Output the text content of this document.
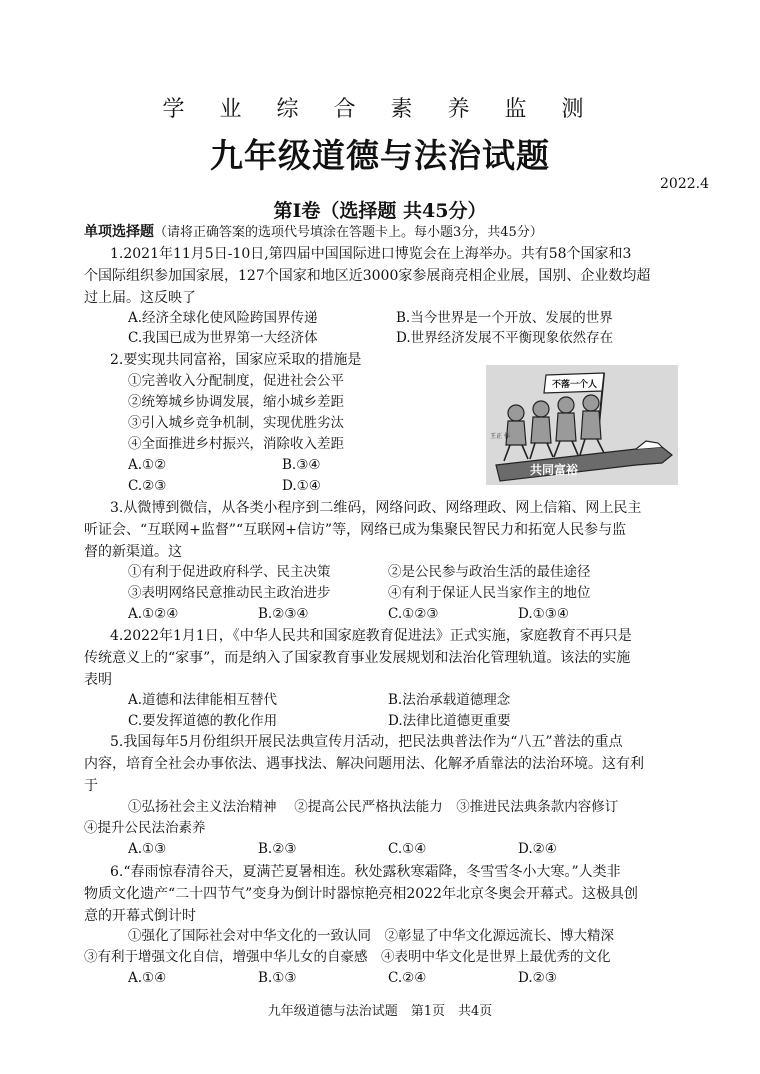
学 业 综 合 素 养 监 测
九年级道德与法治试题
2022.4
第Ⅰ卷（选择题 共45分）
单项选择题（请将正确答案的选项代号填涂在答题卡上。每小题3分，共45分）
1.2021年11月5日-10日,第四届中国国际进口博览会在上海举办。共有58个国家和3
个国际组织参加国家展，127个国家和地区近3000家参展商亮相企业展，国别、企业数均超
过上届。这反映了
A.经济全球化使风险跨国界传递	B.当今世界是一个开放、发展的世界
C.我国已成为世界第一大经济体	D.世界经济发展不平衡现象依然存在
2.要实现共同富裕，国家应采取的措施是
①完善收入分配制度，促进社会公平
②统筹城乡协调发展，缩小城乡差距
③引入城乡竞争机制，实现优胜劣汰
④全面推进乡村振兴，消除收入差距
A.①②	B.③④
C.②③	D.①④
不落一个人
共同富裕
王正 作
3.从微博到微信，从各类小程序到二维码，网络问政、网络理政、网上信箱、网上民主
听证会、“互联网+监督”“互联网+信访”等，网络已成为集聚民智民力和拓宽人民参与监
督的新渠道。这
①有利于促进政府科学、民主决策	②是公民参与政治生活的最佳途径
③表明网络民意推动民主政治进步	④有利于保证人民当家作主的地位
A.①②④	B.②③④	C.①②③	D.①③④
4.2022年1月1日，《中华人民共和国家庭教育促进法》正式实施，家庭教育不再只是
传统意义上的“家事”，而是纳入了国家教育事业发展规划和法治化管理轨道。该法的实施
表明
A.道德和法律能相互替代	B.法治承载道德理念
C.要发挥道德的教化作用	D.法律比道德更重要
5.我国每年5月份组织开展民法典宣传月活动，把民法典普法作为“八五”普法的重点
内容，培育全社会办事依法、遇事找法、解决问题用法、化解矛盾靠法的法治环境。这有利
于
①弘扬社会主义法治精神　 ②提高公民严格执法能力　③推进民法典条款内容修订
④提升公民法治素养
A.①③	B.②③	C.①④	D.②④
6.“春雨惊春清谷天，夏满芒夏暑相连。秋处露秋寒霜降，冬雪雪冬小大寒。”人类非
物质文化遗产“二十四节气”变身为倒计时器惊艳亮相2022年北京冬奥会开幕式。这极具创
意的开幕式倒计时
①强化了国际社会对中华文化的一致认同　②彰显了中华文化源远流长、博大精深
③有利于增强文化自信，增强中华儿女的自豪感　④表明中华文化是世界上最优秀的文化
A.①④	B.①③	C.②④	D.②③
九年级道德与法治试题　第1页　共4页
